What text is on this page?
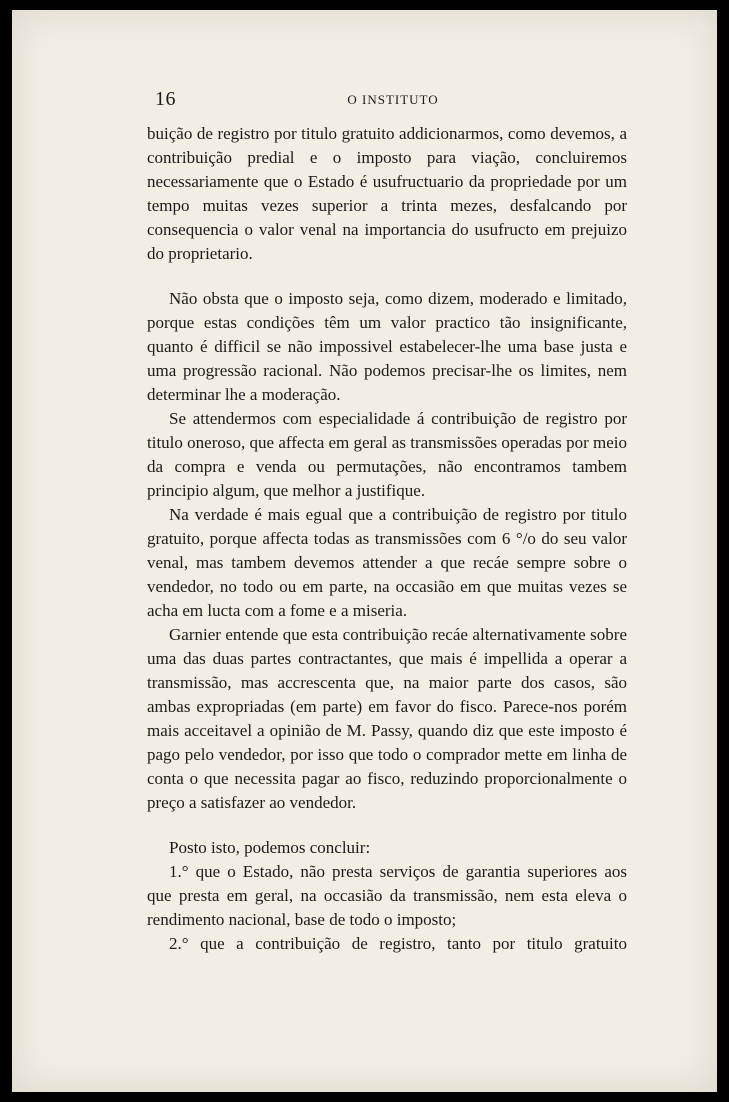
16	O INSTITUTO

buição de registro por titulo gratuito addicionarmos, como devemos, a contribuição predial e o imposto para viação, concluiremos necessariamente que o Estado é usufructuario da propriedade por um tempo muitas vezes superior a trinta mezes, desfalcando por consequencia o valor venal na importancia do usufructo em prejuizo do proprietario.

Não obsta que o imposto seja, como dizem, moderado e limitado, porque estas condições têm um valor practico tão insignificante, quanto é difficil se não impossivel estabelecer-lhe uma base justa e uma progressão racional. Não podemos precisar-lhe os limites, nem determinar lhe a moderação.

Se attendermos com especialidade á contribuição de registro por titulo oneroso, que affecta em geral as transmissões operadas por meio da compra e venda ou permutações, não encontramos tambem principio algum, que melhor a justifique.

Na verdade é mais egual que a contribuição de registro por titulo gratuito, porque affecta todas as transmissões com 6 °/o do seu valor venal, mas tambem devemos attender a que recáe sempre sobre o vendedor, no todo ou em parte, na occasião em que muitas vezes se acha em lucta com a fome e a miseria.

Garnier entende que esta contribuição recáe alternativamente sobre uma das duas partes contractantes, que mais é impellida a operar a transmissão, mas accrescenta que, na maior parte dos casos, são ambas expropriadas (em parte) em favor do fisco. Parece-nos porém mais acceitavel a opinião de M. Passy, quando diz que este imposto é pago pelo vendedor, por isso que todo o comprador mette em linha de conta o que necessita pagar ao fisco, reduzindo proporcionalmente o preço a satisfazer ao vendedor.

Posto isto, podemos concluir:

1.° que o Estado, não presta serviços de garantia superiores aos que presta em geral, na occasião da transmissão, nem esta eleva o rendimento nacional, base de todo o imposto;

2.° que a contribuição de registro, tanto por titulo gratuito
